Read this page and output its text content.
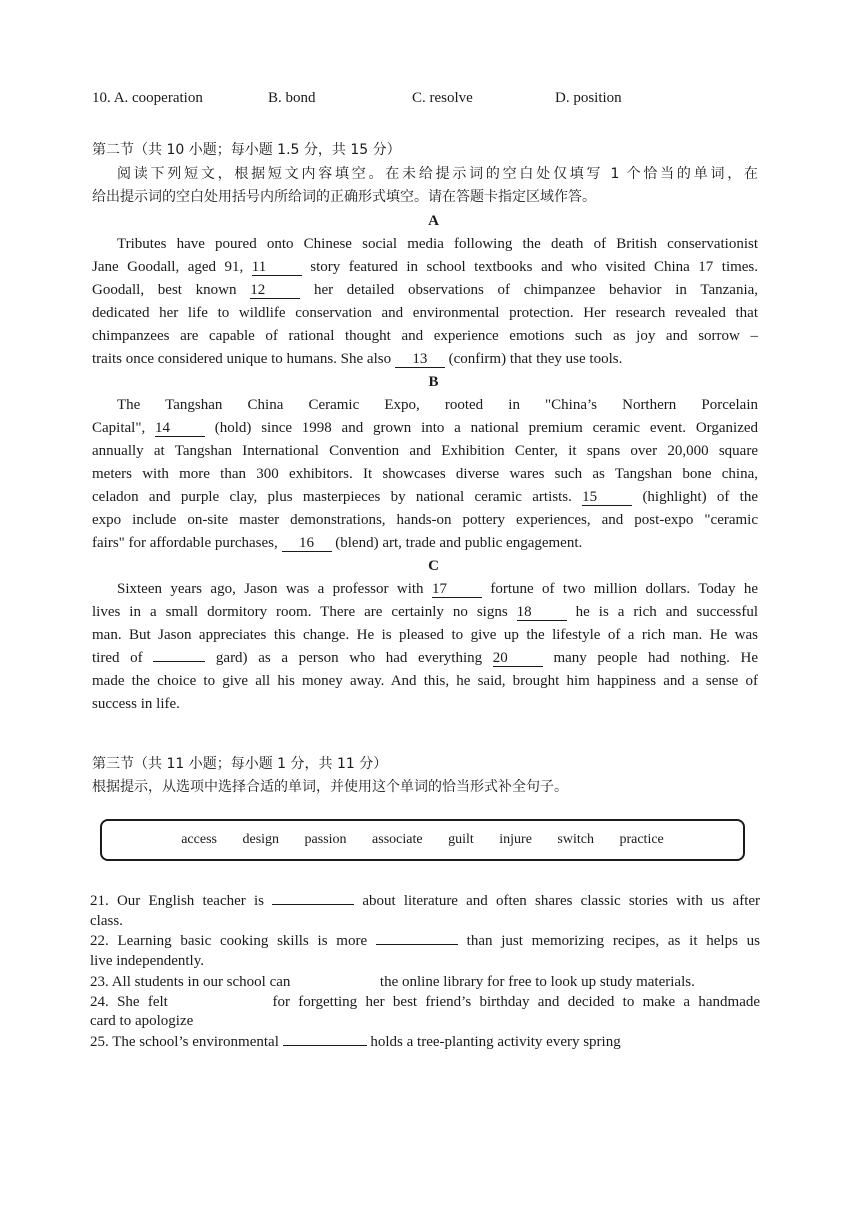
10. A. cooperation	B. bond	C. resolve	D. position
第二节（共 10 小题；每小题 1.5 分，共 15 分）
阅读下列短文，根据短文内容填空。在未给提示词的空白处仅填写 1 个恰当的单词，在
给出提示词的空白处用括号内所给词的正确形式填空。请在答题卡指定区域作答。
A
Tributes have poured onto Chinese social media following the death of British conservationist
Jane Goodall, aged 91, 11	story featured in school textbooks and who visited China 17 times.
Goodall, best known 12	her detailed observations of chimpanzee behavior in Tanzania,
dedicated her life to wildlife conservation and environmental protection. Her research revealed that
chimpanzees are capable of rational thought and experience emotions such as joy and sorrow –
traits once considered unique to humans. She also 13 (confirm) that they use tools.
B
The Tangshan China Ceramic Expo, rooted in "China’s Northern Porcelain
Capital", 14	(hold) since 1998 and grown into a national premium ceramic event. Organized
annually at Tangshan International Convention and Exhibition Center, it spans over 20,000 square
meters with more than 300 exhibitors. It showcases diverse wares such as Tangshan bone china,
celadon and purple clay, plus masterpieces by national ceramic artists. 15	(highlight) of the
expo include on-site master demonstrations, hands-on pottery experiences, and post-expo "ceramic
fairs" for affordable purchases, 16 (blend) art, trade and public engagement.
C
Sixteen years ago, Jason was a professor with 17	fortune of two million dollars. Today he
lives in a small dormitory room. There are certainly no signs 18	he is a rich and successful
man. But Jason appreciates this change. He is pleased to give up the lifestyle of a rich man. He was
tired of	gard) as a person who had everything 20	many people had nothing. He
made the choice to give all his money away. And this, he said, brought him happiness and a sense of
success in life.
第三节（共 11 小题；每小题 1 分，共 11 分）
根据提示，从选项中选择合适的单词，并使用这个单词的恰当形式补全句子。
access design passion associate guilt injure switch practice
21. Our English teacher is	about literature and often shares classic stories with us after
class.
22. Learning basic cooking skills is more	than just memorizing recipes, as it helps us
live independently.
23. All students in our school can	the online library for free to look up study materials.
24. She felt	for forgetting her best friend’s birthday and decided to make a handmade
card to apologize
25. The school’s environmental	holds a tree-planting activity every spring
